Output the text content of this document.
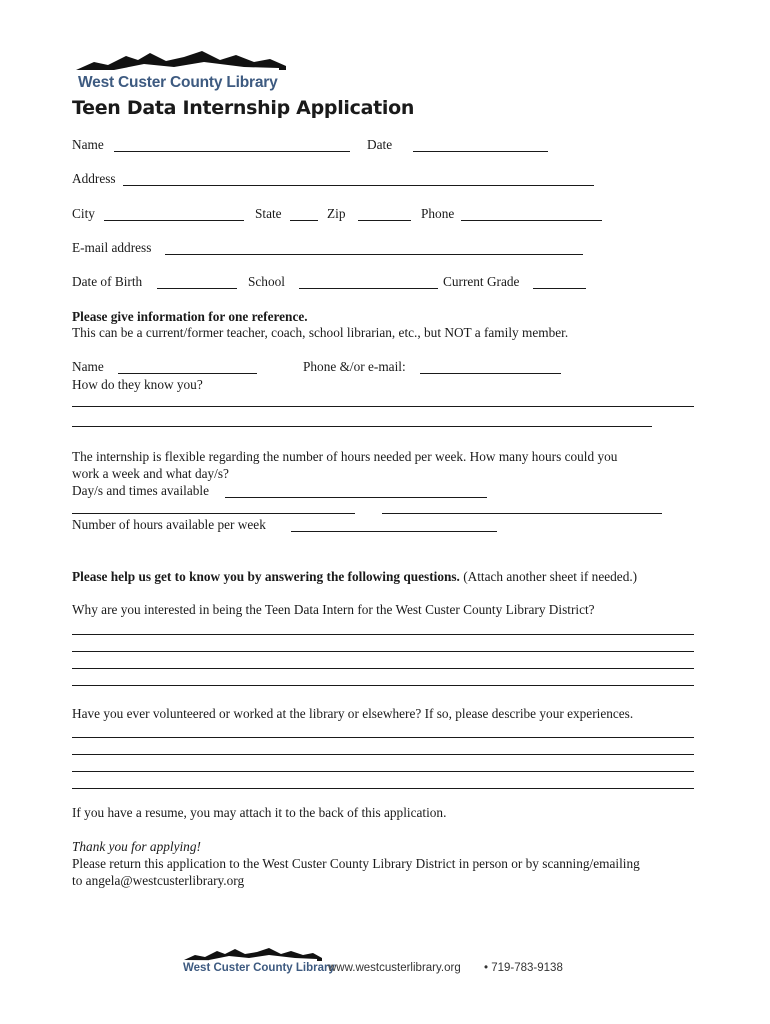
West Custer County Library
Teen Data Internship Application
Name	Date
Address
City	State	Zip	Phone
E-mail address
Date of Birth	School	Current Grade
Please give information for one reference.
This can be a current/former teacher, coach, school librarian, etc., but NOT a family member.
Name	Phone &/or e-mail:
How do they know you?
The internship is flexible regarding the number of hours needed per week. How many hours could you
work a week and what day/s?
Day/s and times available
Number of hours available per week
Please help us get to know you by answering the following questions. (Attach another sheet if needed.)
Why are you interested in being the Teen Data Intern for the West Custer County Library District?
Have you ever volunteered or worked at the library or elsewhere? If so, please describe your experiences.
If you have a resume, you may attach it to the back of this application.
Thank you for applying!
Please return this application to the West Custer County Library District in person or by scanning/emailing
to angela@westcusterlibrary.org
West Custer County Library
www.westcusterlibrary.org • 719-783-9138
